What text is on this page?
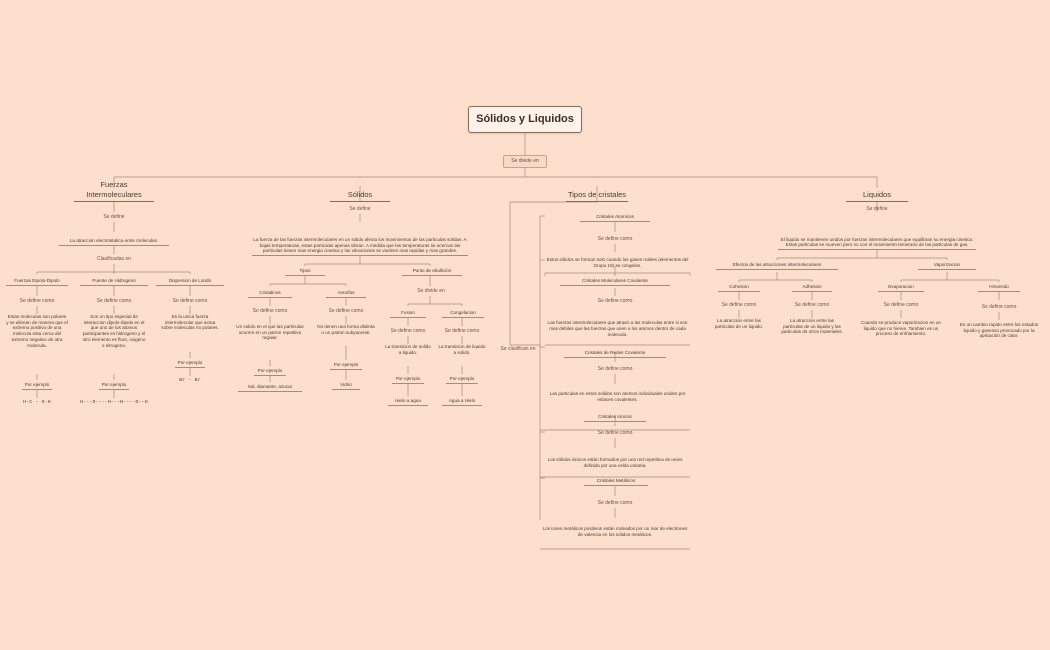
Sólidos y Liquidos
Se divide en
Fuerzas Intermoleculares
Se define
La atraccion electrostatica entre moleculas.
Clasificadas en
Fuerzas Dipolo-Dipolo
Se define como
Estas moleculas son polares y se alinean de manera que el extremo positivo de una molecula esta cerca del extremo negativo de otra molecula.
Por ejemplo
H-C - O-H
Puente de Hidrogeno
Se define como
Son un tipo especial de interaccion dipolo-dipolo en el que uno de los atomos participantes es hidrogeno y el otro elemento es fluor, oxigeno o nitrogeno.
Por ejemplo
H---O----H---N----O--H
Dispersion de Londo
Se define como
Es la unica fuerza intermolecular que actua sobre moleculas no polares.
Por ejemplo
Br - Br
Sólidos
Se define
La fuerza de las fuerzas intermoleculares en un solido afecta los movimientos de las particulas solidas. A bajas temperaturas, estas particulas apenas vibran. A medida que las temperaturas se acercan las particulas tienen mas energia cinetica y las vibraciones se vuelven mas rapidas y mas grandes.
Tipos
Cristalinos
Se define como
Un solido en el que las particulas ocurren en un patron repetitivo regular.
Por ejemplo
Sal, diamante, azucar
Amorfos
Se define como
No tienen una forma distinta o un patron subyacente.
Por ejemplo
Vidrio
Punto de ebullición
Se divide en
Fusion
Se define como
La transicion de solido a liquido.
Por ejemplo
Hielo a agua
Congelacion
Se define como
La transicion de liquido a solido.
Por ejemplo
Agua a Hielo
Tipos de cristales
Se clasifican en
Cristales Atomicos
Se define como
Estos sólidos se forman solo cuando los gases nobles (elementos del Grupo 18) se congelan.
Cristales Moleculares Covalente
Se define como
Las fuerzas intermoleculares que atraen a las moleculas entre si son mas debiles que las fuerzas que unen a los atomos dentro de cada molecula.
Cristales de Redes Covalente
Se define como
Las particulas en estos solidos son atomos individuales unidos por enlaces covalentes.
Cristales Ionicos
Se define como
Los sólidos iónicos están formados por una red repetitiva de iones definida por una celda unitaria.
Cristales Metálicos
Se define como
Los iones metálicos positivos están rodeados por un mar de electrones de valencia en los sólidos metálicos.
Liquidos
Se define
El liquido se mantienen unidos por fuerzas intermoleculares que equilibran su energia cinetica. Estas particulas se mueven pero no con el movimiento temerario de las particulas de gas.
Efectos de las atracciones intermoleculares
Cohesion
Se define como
La atraccion entre las particulas de un liquido.
Adhesion
Se define como
La atraccion entre las particulas de un liquido y las particulas de otros materiales.
Vaporizacion
Evaporacion
Se define como
Cuando se produce vaporizacion en un liquido que no hierve. Tambien es un proceso de enfriamiento.
Hirviendo
Se define como
Es un cambio rapido entre los estados liquido y gaseoso provocado por la aplicación de calor.
